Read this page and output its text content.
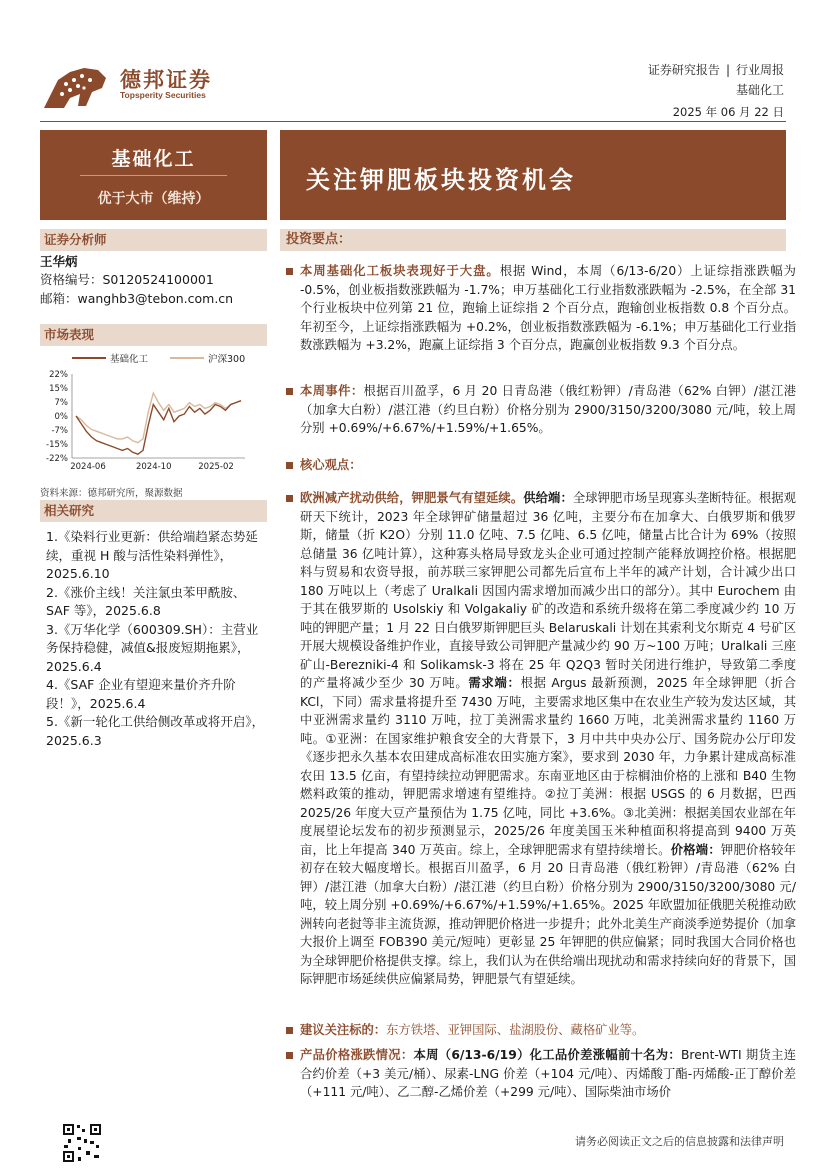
德邦证券
Topsperity Securities
证券研究报告 | 行业周报
基础化工
2025 年 06 月 22 日
基础化工
优于大市（维持）
关注钾肥板块投资机会
证券分析师
王华炳
资格编号：S0120524100001
邮箱：wanghb3@tebon.com.cn
市场表现
基础化工	沪深300
22%
15%
7%
0%
-7%
-15%
-22%
2024-06	2024-10	2025-02
资料来源：德邦研究所，聚源数据
相关研究
1.《染料行业更新：供给端趋紧态势延续，重视 H 酸与活性染料弹性》，2025.6.10
2.《涨价主线！关注氯虫苯甲酰胺、SAF 等》，2025.6.8
3.《万华化学（600309.SH）：主营业务保持稳健，减值&报废短期拖累》，2025.6.4
4.《SAF 企业有望迎来量价齐升阶段！》，2025.6.4
5.《新一轮化工供给侧改革或将开启》，2025.6.3
投资要点：
本周基础化工板块表现好于大盘。根据 Wind，本周（6/13-6/20）上证综指涨跌幅为 -0.5%，创业板指数涨跌幅为 -1.7%；申万基础化工行业指数涨跌幅为 -2.5%，在全部 31 个行业板块中位列第 21 位，跑输上证综指 2 个百分点，跑输创业板指数 0.8 个百分点。年初至今，上证综指涨跌幅为 +0.2%，创业板指数涨跌幅为 -6.1%；申万基础化工行业指数涨跌幅为 +3.2%，跑赢上证综指 3 个百分点，跑赢创业板指数 9.3 个百分点。
本周事件：根据百川盈孚，6 月 20 日青岛港（俄红粉钾）/青岛港（62% 白钾）/湛江港（加拿大白粉）/湛江港（约旦白粉）价格分别为 2900/3150/3200/3080 元/吨，较上周分别 +0.69%/+6.67%/+1.59%/+1.65%。
核心观点：
欧洲减产扰动供给，钾肥景气有望延续。供给端：全球钾肥市场呈现寡头垄断特征。根据观研天下统计，2023 年全球钾矿储量超过 36 亿吨，主要分布在加拿大、白俄罗斯和俄罗斯，储量（折 K2O）分别 11.0 亿吨、7.5 亿吨、6.5 亿吨，储量占比合计为 69%（按照总储量 36 亿吨计算），这种寡头格局导致龙头企业可通过控制产能释放调控价格。根据肥料与贸易和农资导报，前苏联三家钾肥公司都先后宣布上半年的减产计划，合计减少出口 180 万吨以上（考虑了 Uralkali 因国内需求增加而减少出口的部分）。其中 Eurochem 由于其在俄罗斯的 Usolskiy 和 Volgakaliy 矿的改造和系统升级将在第二季度减少约 10 万吨的钾肥产量；1 月 22 日白俄罗斯钾肥巨头 Belaruskali 计划在其索利戈尔斯克 4 号矿区开展大规模设备维护作业，直接导致公司钾肥产量减少约 90 万~100 万吨；Uralkali 三座矿山-Berezniki-4 和 Solikamsk-3 将在 25 年 Q2Q3 暂时关闭进行维护，导致第二季度的产量将减少至少 30 万吨。需求端：根据 Argus 最新预测，2025 年全球钾肥（折合 KCl，下同）需求量将提升至 7430 万吨，主要需求地区集中在农业生产较为发达区域，其中亚洲需求量约 3110 万吨，拉丁美洲需求量约 1660 万吨，北美洲需求量约 1160 万吨。①亚洲：在国家维护粮食安全的大背景下，3 月中共中央办公厅、国务院办公厅印发《逐步把永久基本农田建成高标准农田实施方案》，要求到 2030 年，力争累计建成高标准农田 13.5 亿亩，有望持续拉动钾肥需求。东南亚地区由于棕榈油价格的上涨和 B40 生物燃料政策的推动，钾肥需求增速有望维持。②拉丁美洲：根据 USGS 的 6 月数据，巴西 2025/26 年度大豆产量预估为 1.75 亿吨，同比 +3.6%。③北美洲：根据美国农业部在年度展望论坛发布的初步预测显示，2025/26 年度美国玉米种植面积将提高到 9400 万英亩，比上年提高 340 万英亩。综上，全球钾肥需求有望持续增长。价格端：钾肥价格较年初存在较大幅度增长。根据百川盈孚，6 月 20 日青岛港（俄红粉钾）/青岛港（62% 白钾）/湛江港（加拿大白粉）/湛江港（约旦白粉）价格分别为 2900/3150/3200/3080 元/吨，较上周分别 +0.69%/+6.67%/+1.59%/+1.65%。2025 年欧盟加征俄肥关税推动欧洲转向老挝等非主流货源，推动钾肥价格进一步提升；此外北美生产商淡季逆势提价（加拿大报价上调至 FOB390 美元/短吨）更彰显 25 年钾肥的供应偏紧；同时我国大合同价格也为全球钾肥价格提供支撑。综上，我们认为在供给端出现扰动和需求持续向好的背景下，国际钾肥市场延续供应偏紧局势，钾肥景气有望延续。
建议关注标的：东方铁塔、亚钾国际、盐湖股份、藏格矿业等。
产品价格涨跌情况：本周（6/13-6/19）化工品价差涨幅前十名为：Brent-WTI 期货主连合约价差（+3 美元/桶）、尿素-LNG 价差（+104 元/吨）、丙烯酸丁酯-丙烯酸-正丁醇价差（+111 元/吨）、乙二醇-乙烯价差（+299 元/吨）、国际柴油市场价
请务必阅读正文之后的信息披露和法律声明
